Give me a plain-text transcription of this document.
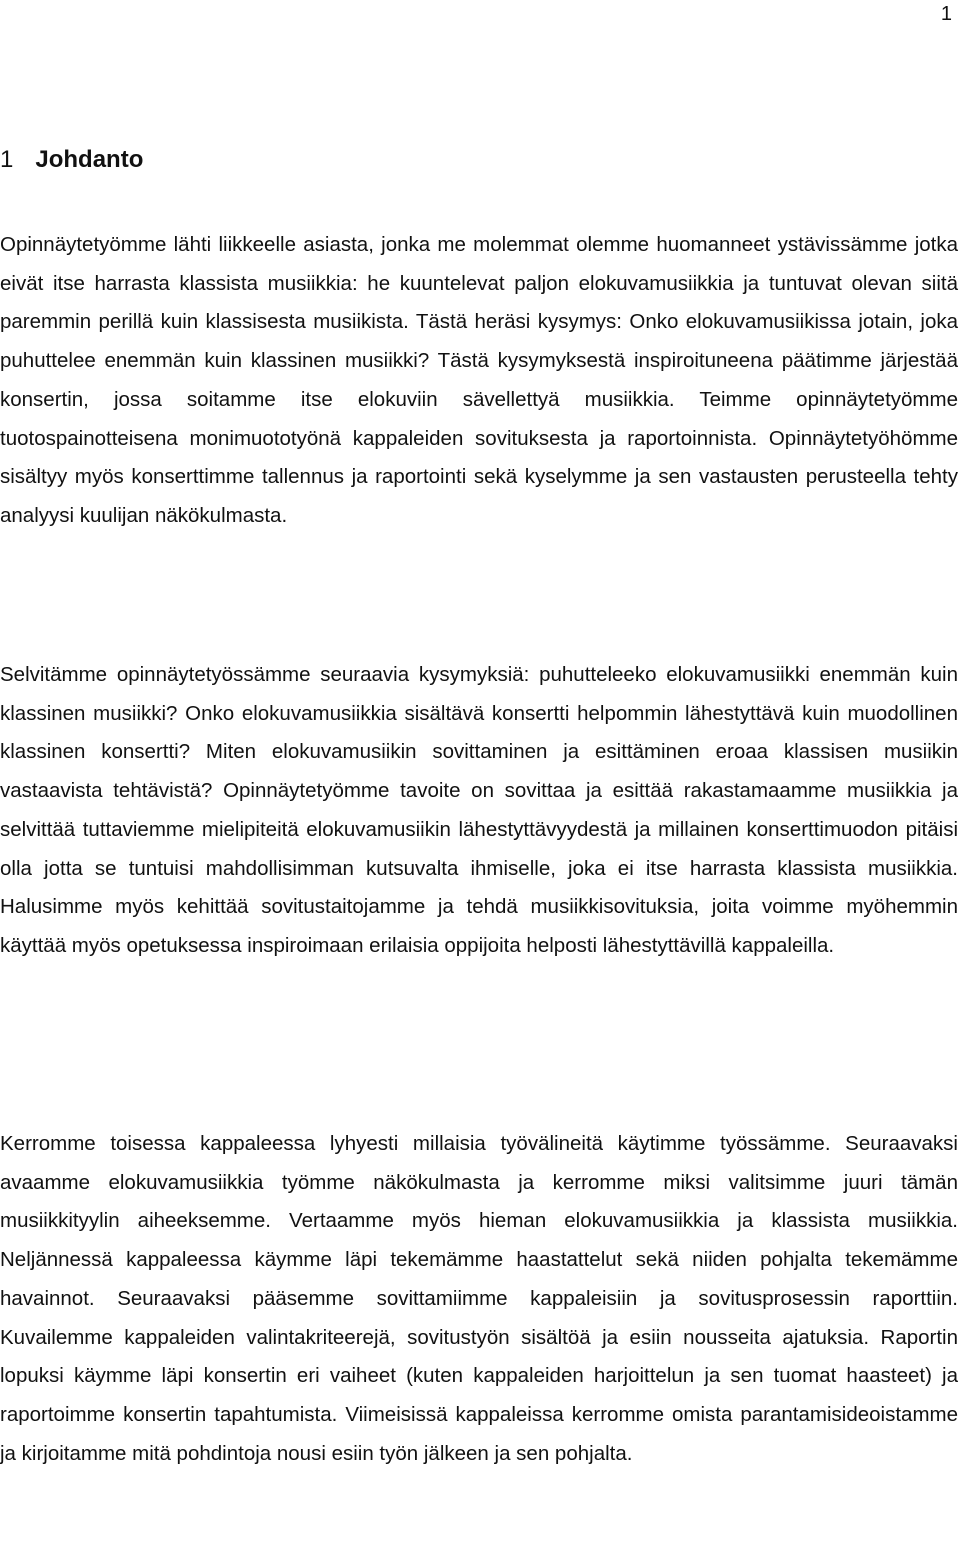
1
1 Johdanto

Opinnäytetyömme lähti liikkeelle asiasta, jonka me molemmat olemme huomanneet ystävissämme jotka eivät itse harrasta klassista musiikkia: he kuuntelevat paljon elokuvamusiikkia ja tuntuvat olevan siitä paremmin perillä kuin klassisesta musiikista. Tästä heräsi kysymys: Onko elokuvamusiikissa jotain, joka puhuttelee enemmän kuin klassinen musiikki? Tästä kysymyksestä inspiroituneena päätimme järjestää konsertin, jossa soitamme itse elokuviin sävellettyä musiikkia. Teimme opinnäytetyömme tuotospainotteisena monimuototyönä kappaleiden sovituksesta ja raportoinnista. Opinnäytetyöhömme sisältyy myös konserttimme tallennus ja raportointi sekä kyselymme ja sen vastausten perusteella tehty analyysi kuulijan näkökulmasta.

Selvitämme opinnäytetyössämme seuraavia kysymyksiä: puhutteleeko elokuvamusiikki enemmän kuin klassinen musiikki? Onko elokuvamusiikkia sisältävä konsertti helpommin lähestyttävä kuin muodollinen klassinen konsertti? Miten elokuvamusiikin sovittaminen ja esittäminen eroaa klassisen musiikin vastaavista tehtävistä? Opinnäytetyömme tavoite on sovittaa ja esittää rakastamaamme musiikkia ja selvittää tuttaviemme mielipiteitä elokuvamusiikin lähestyttävyydestä ja millainen konserttimuodon pitäisi olla jotta se tuntuisi mahdollisimman kutsuvalta ihmiselle, joka ei itse harrasta klassista musiikkia. Halusimme myös kehittää sovitustaitojamme ja tehdä musiikkisovituksia, joita voimme myöhemmin käyttää myös opetuksessa inspiroimaan erilaisia oppijoita helposti lähestyttävillä kappaleilla.

Kerromme toisessa kappaleessa lyhyesti millaisia työvälineitä käytimme työssämme. Seuraavaksi avaamme elokuvamusiikkia työmme näkökulmasta ja kerromme miksi valitsimme juuri tämän musiikkityylin aiheeksemme. Vertaamme myös hieman elokuvamusiikkia ja klassista musiikkia. Neljännessä kappaleessa käymme läpi tekemämme haastattelut sekä niiden pohjalta tekemämme havainnot. Seuraavaksi pääsemme sovittamiimme kappaleisiin ja sovitusprosessin raporttiin. Kuvailemme kappaleiden valintakriteerejä, sovitustyön sisältöä ja esiin nousseita ajatuksia. Raportin lopuksi käymme läpi konsertin eri vaiheet (kuten kappaleiden harjoittelun ja sen tuomat haasteet) ja raportoimme konsertin tapahtumista. Viimeisissä kappaleissa kerromme omista parantamisideoistamme ja kirjoitamme mitä pohdintoja nousi esiin työn jälkeen ja sen pohjalta.
